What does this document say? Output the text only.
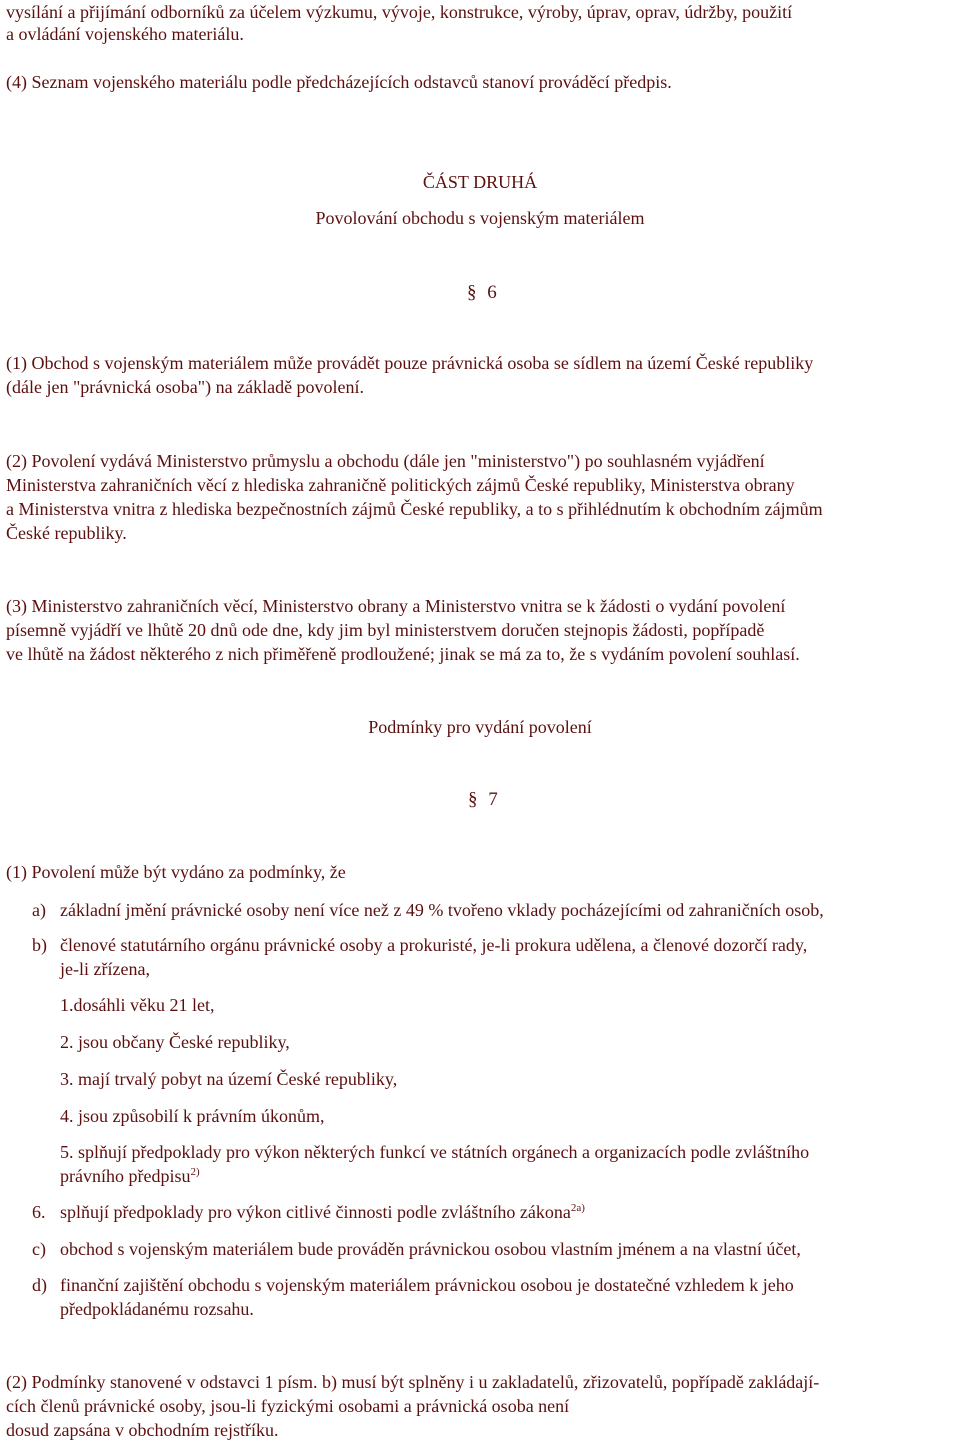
vysílání a přijímání odborníků za účelem výzkumu, vývoje, konstrukce, výroby, úprav, oprav, údržby, použití
a ovládání vojenského materiálu.
(4) Seznam vojenského materiálu podle předcházejících odstavců stanoví prováděcí předpis.
ČÁST DRUHÁ
Povolování obchodu s vojenským materiálem
§ 6

(1) Obchod s vojenským materiálem může provádět pouze právnická osoba se sídlem na území České republiky

(dále jen "právnická osoba") na základě povolení.

(2) Povolení vydává Ministerstvo průmyslu a obchodu (dále jen "ministerstvo") po souhlasném vyjádření

Ministerstva zahraničních věcí z hlediska zahraničně politických zájmů České republiky, Ministerstva obrany

a Ministerstva vnitra z hlediska bezpečnostních zájmů České republiky, a to s přihlédnutím k obchodním zájmům

České republiky.

(3) Ministerstvo zahraničních věcí, Ministerstvo obrany a Ministerstvo vnitra se k žádosti o vydání povolení

písemně vyjádří ve lhůtě 20 dnů ode dne, kdy jim byl ministerstvem doručen stejnopis žádosti, popřípadě

ve lhůtě na žádost některého z nich přiměřeně prodloužené; jinak se má za to, že s vydáním povolení souhlasí.

Podmínky pro vydání povolení
§ 7
(1) Povolení může být vydáno za podmínky, že
a) základní jmění právnické osoby není více než z 49 % tvořeno vklady pocházejícími od zahraničních osob,
b) členové statutárního orgánu právnické osoby a prokuristé, je-li prokura udělena, a členové dozorčí rady,
je-li zřízena,
1.dosáhli věku 21 let,
2. jsou občany České republiky,
3. mají trvalý pobyt na území České republiky,
4. jsou způsobilí k právním úkonům,
5. splňují předpoklady pro výkon některých funkcí ve státních orgánech a organizacích podle zvláštního
právního předpisu$^{2)}$
6. splňují předpoklady pro výkon citlivé činnosti podle zvláštního zákona$^{2a)}$
c) obchod s vojenským materiálem bude prováděn právnickou osobou vlastním jménem a na vlastní účet,
d) finanční zajištění obchodu s vojenským materiálem právnickou osobou je dostatečné vzhledem k jeho
předpokládanému rozsahu.

(2) Podmínky stanovené v odstavci 1 písm. b) musí být splněny i u zakladatelů, zřizovatelů, popřípadě zakládají-

cích členů právnické osoby, jsou-li fyzickými osobami a právnická osoba není

dosud zapsána v obchodním rejstříku.
